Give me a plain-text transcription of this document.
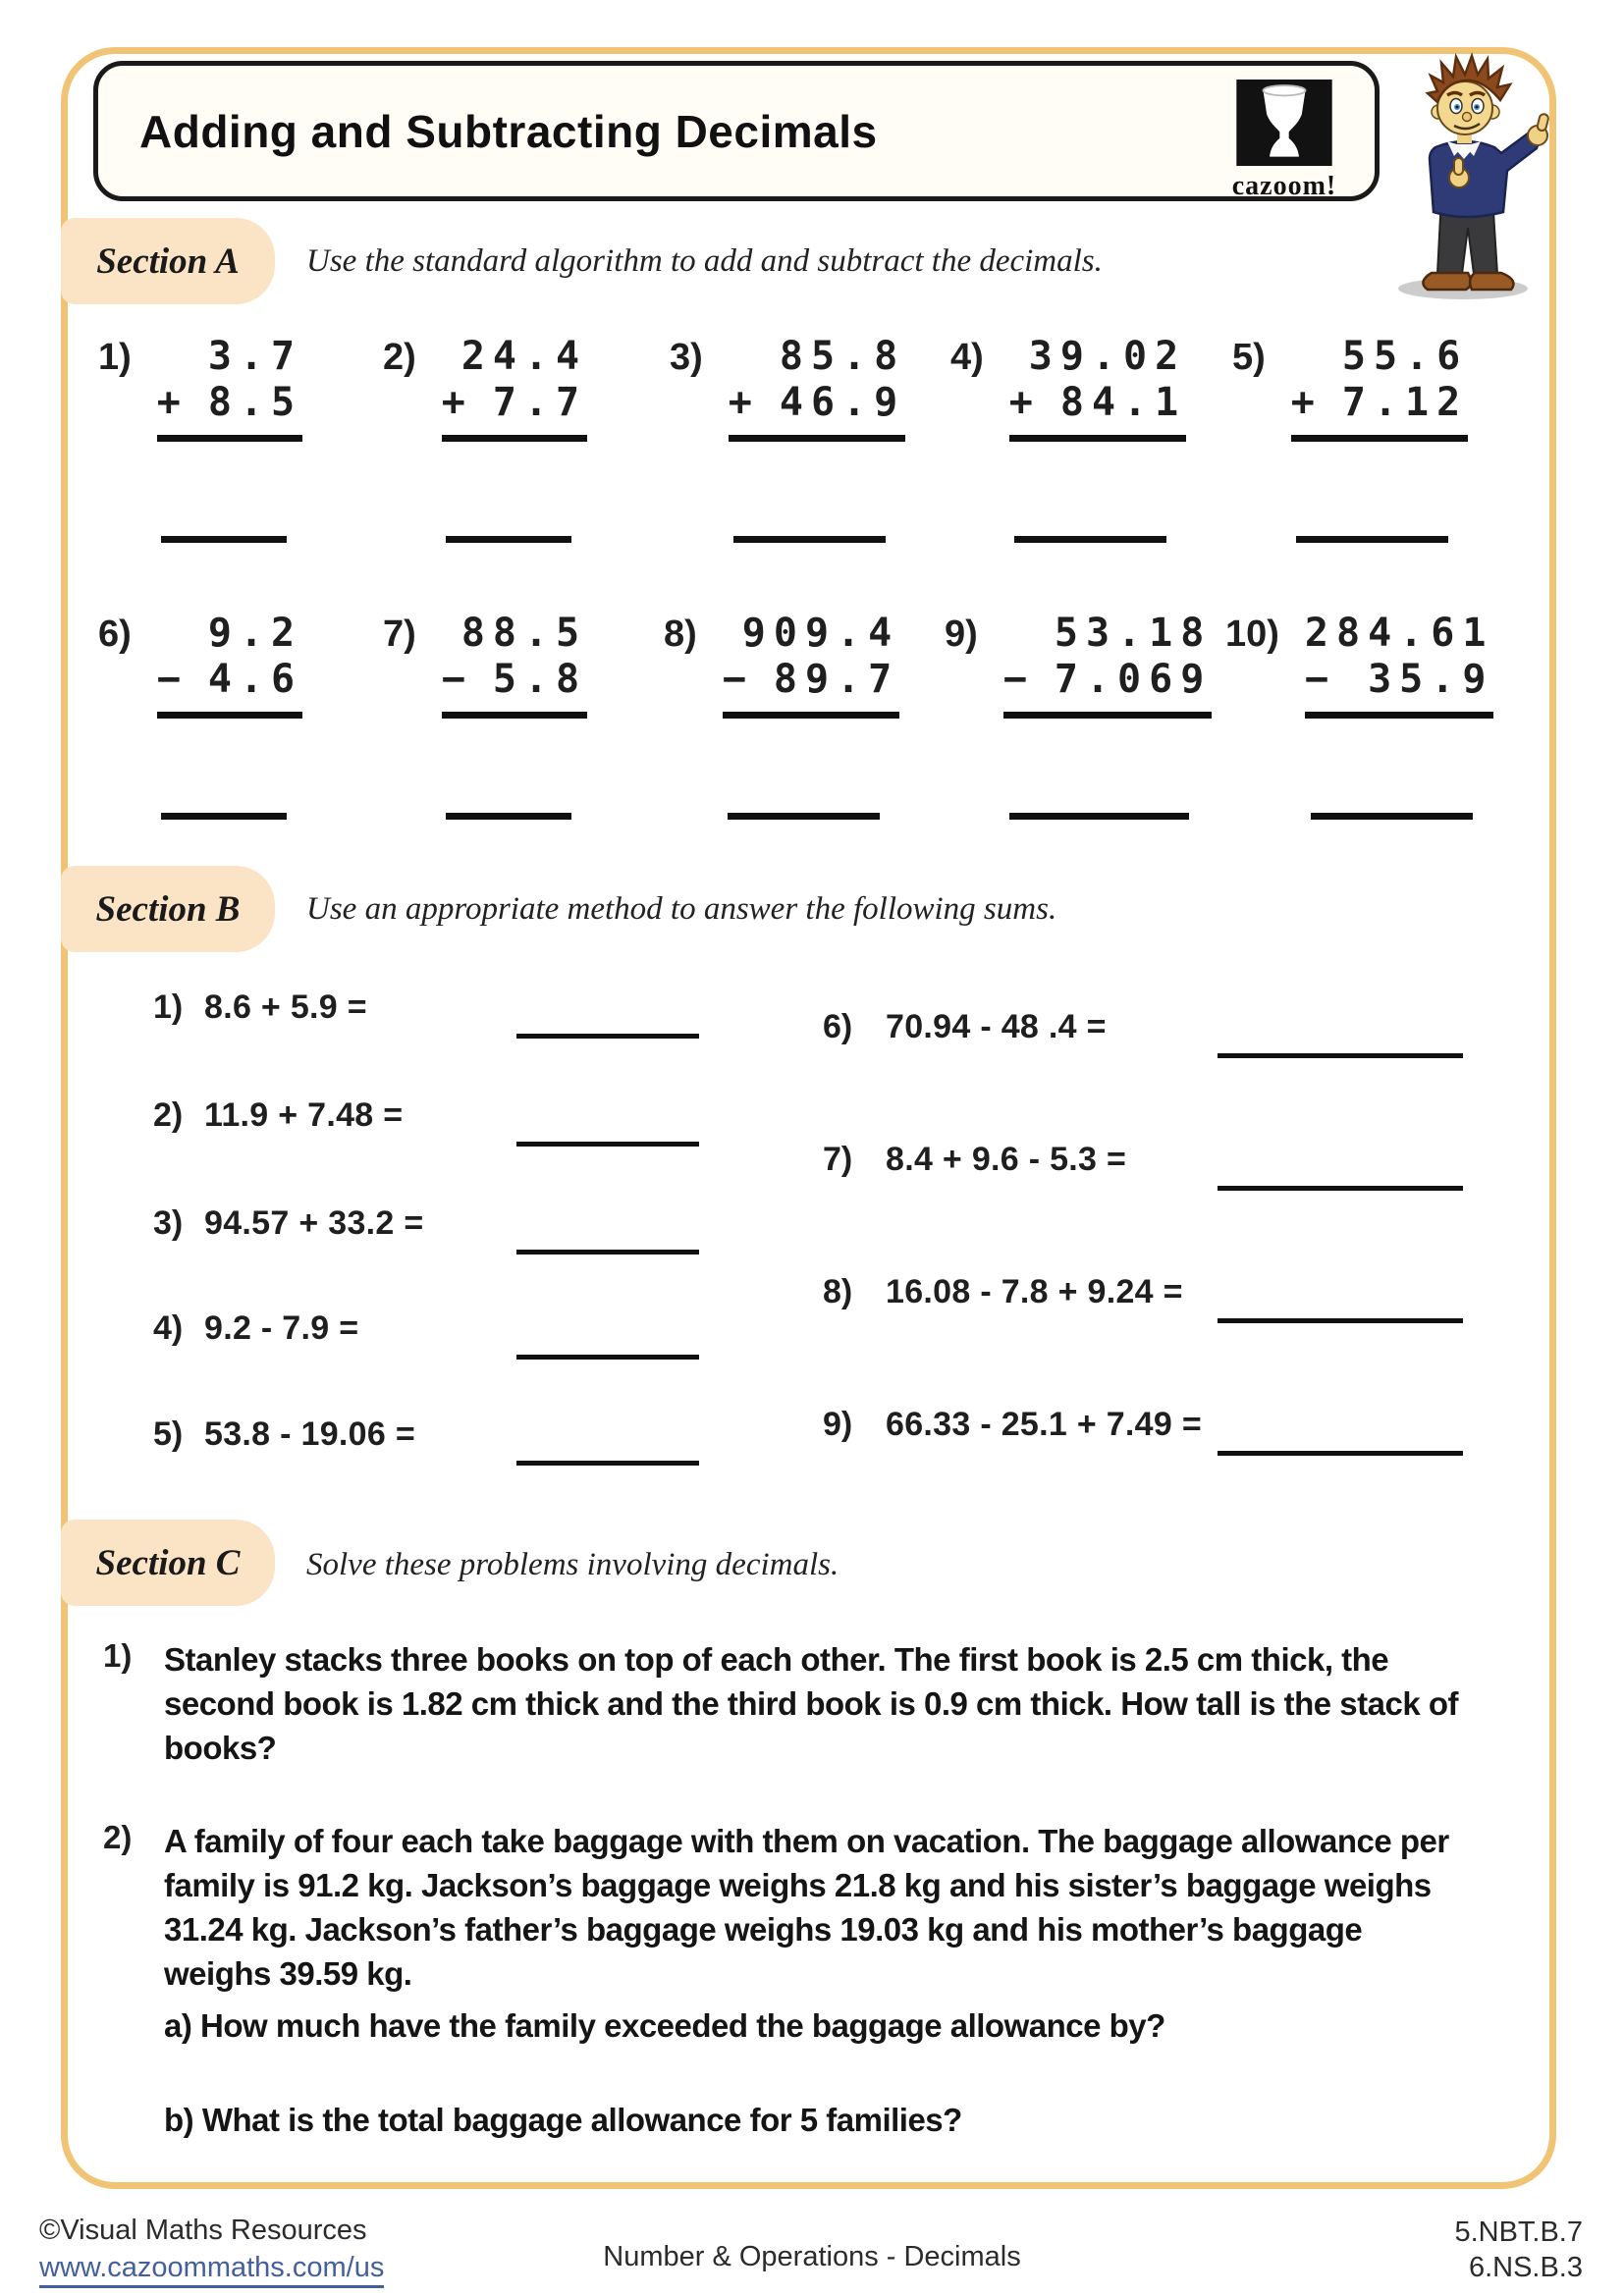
Adding and Subtracting Decimals
cazoom!
Section A Use the standard algorithm to add and subtract the decimals.
1)	3.7
+ 8.5
2)	24.4
+ 7.7
3)	85.8
+ 46.9
4)	39.02
+ 84.1
5)	55.6
+ 7.12
6)	9.2
− 4.6
7)	88.5
− 5.8
8)	909.4
− 89.7
9)	53.18
− 7.069
10) 284.61
− 35.9
Section B Use an appropriate method to answer the following sums.
1) 8.6 + 5.9 =
2) 11.9 + 7.48 =
3) 94.57 + 33.2 =
4) 9.2 - 7.9 =
5) 53.8 - 19.06 =
6) 70.94 - 48 .4 =
7) 8.4 + 9.6 - 5.3 =
8) 16.08 - 7.8 + 9.24 =
9) 66.33 - 25.1 + 7.49 =
Section C Solve these problems involving decimals.
1) Stanley stacks three books on top of each other. The first book is 2.5 cm thick, the second book is 1.82 cm thick and the third book is 0.9 cm thick. How tall is the stack of books?
2) A family of four each take baggage with them on vacation. The baggage allowance per family is 91.2 kg. Jackson’s baggage weighs 21.8 kg and his sister’s baggage weighs 31.24 kg. Jackson’s father’s baggage weighs 19.03 kg and his mother’s baggage weighs 39.59 kg.
a) How much have the family exceeded the baggage allowance by?
b) What is the total baggage allowance for 5 families?
©Visual Maths Resources
www.cazoommaths.com/us	Number & Operations - Decimals
5.NBT.B.7
6.NS.B.3
